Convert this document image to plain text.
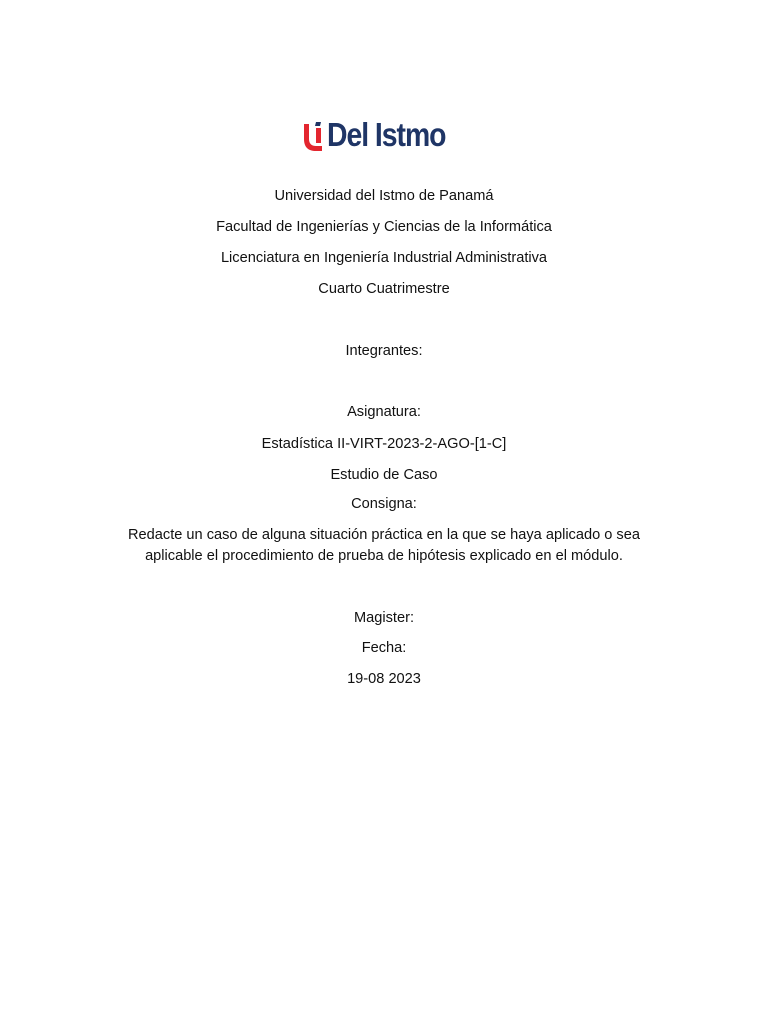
Del Istmo
Universidad del Istmo de Panamá
Facultad de Ingenierías y Ciencias de la Informática
Licenciatura en Ingeniería Industrial Administrativa
Cuarto Cuatrimestre
Integrantes:
Asignatura:
Estadística II-VIRT-2023-2-AGO-[1-C]
Estudio de Caso
Consigna:
Redacte un caso de alguna situación práctica en la que se haya aplicado o sea aplicable el procedimiento de prueba de hipótesis explicado en el módulo.
Magister:
Fecha:
19-08 2023
